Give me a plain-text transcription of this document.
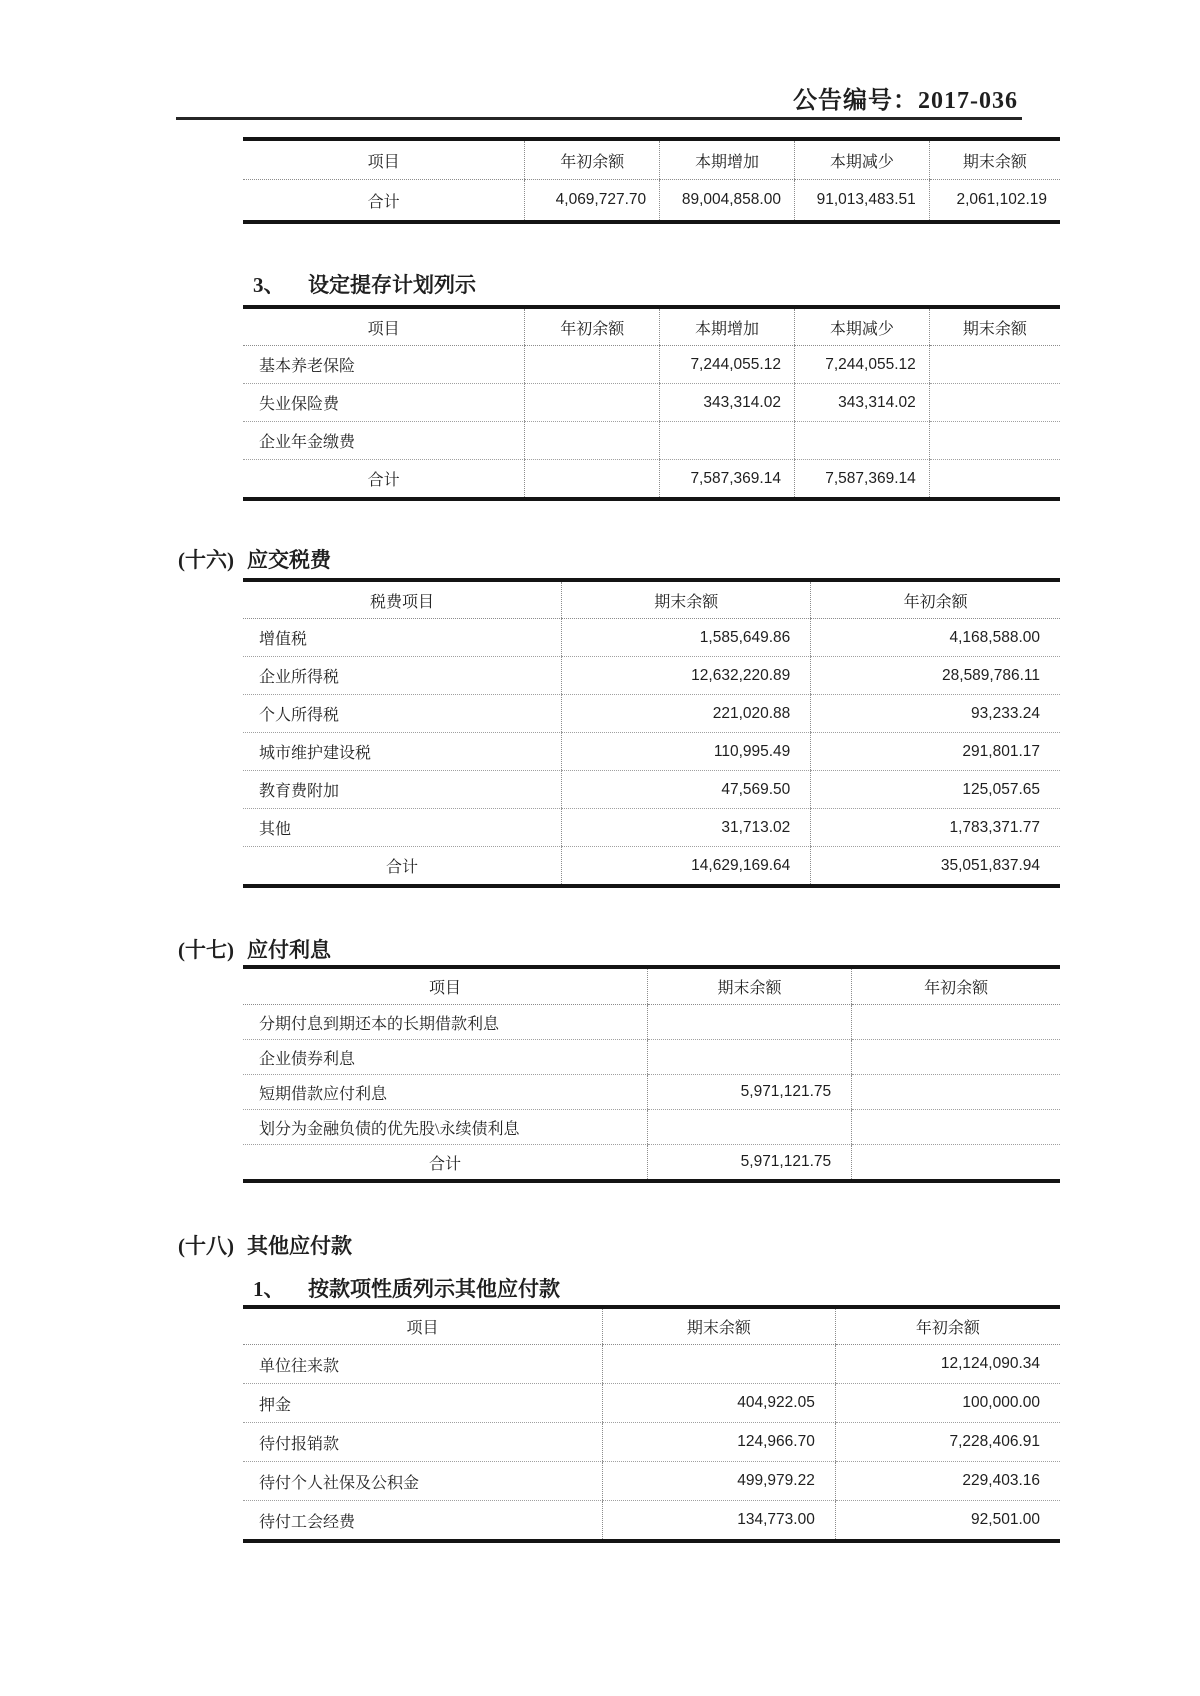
公告编号：2017-036
项目	年初余额	本期增加	本期减少	期末余额
合计	4,069,727.70	89,004,858.00	91,013,483.51	2,061,102.19
3、 设定提存计划列示
项目	年初余额	本期增加	本期减少	期末余额
基本养老保险		7,244,055.12	7,244,055.12	
失业保险费		343,314.02	343,314.02	
企业年金缴费				
合计		7,587,369.14	7,587,369.14	
(十六) 应交税费
税费项目	期末余额	年初余额
增值税	1,585,649.86	4,168,588.00
企业所得税	12,632,220.89	28,589,786.11
个人所得税	221,020.88	93,233.24
城市维护建设税	110,995.49	291,801.17
教育费附加	47,569.50	125,057.65
其他	31,713.02	1,783,371.77
合计	14,629,169.64	35,051,837.94
(十七) 应付利息
项目	期末余额	年初余额
分期付息到期还本的长期借款利息		
企业债券利息		
短期借款应付利息	5,971,121.75	
划分为金融负债的优先股\永续债利息		
合计	5,971,121.75	
(十八) 其他应付款
1、 按款项性质列示其他应付款
项目	期末余额	年初余额
单位往来款		12,124,090.34
押金	404,922.05	100,000.00
待付报销款	124,966.70	7,228,406.91
待付个人社保及公积金	499,979.22	229,403.16
待付工会经费	134,773.00	92,501.00
